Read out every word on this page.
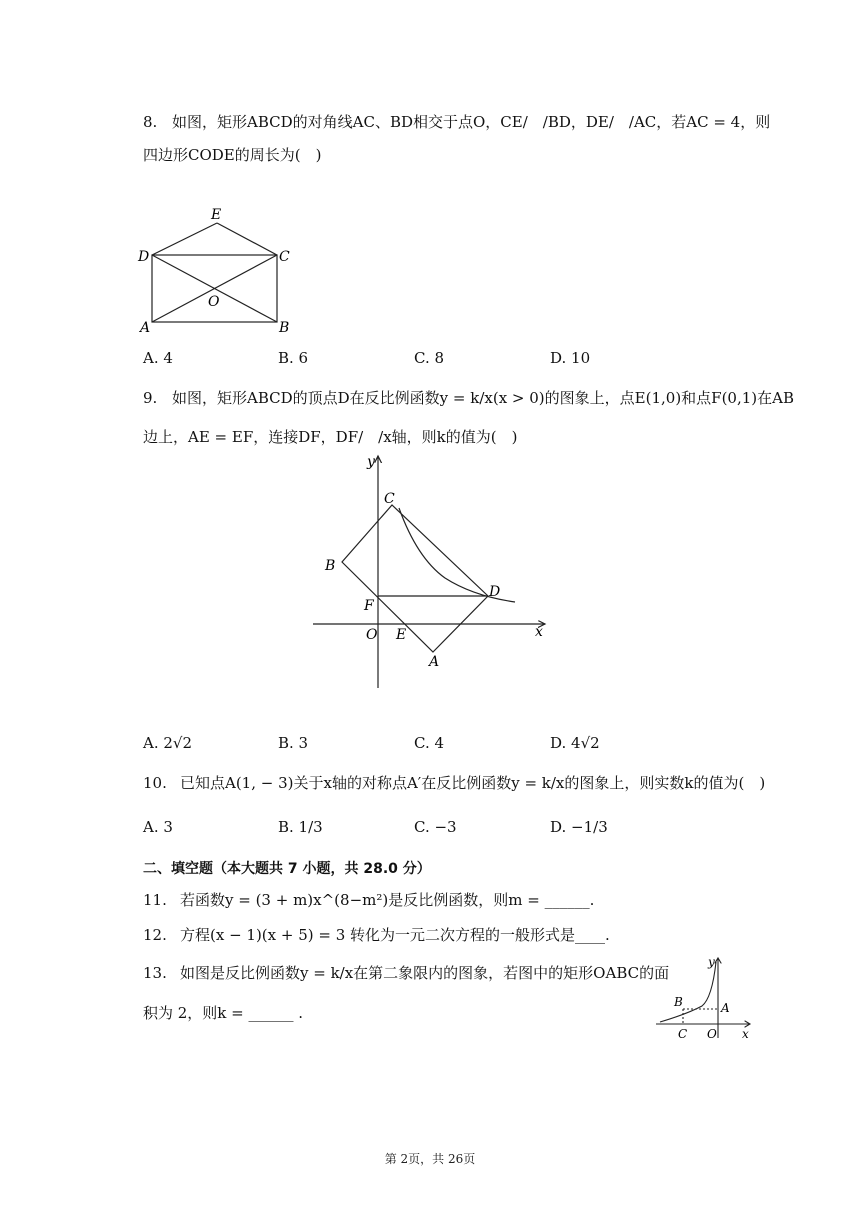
8. 如图，矩形ABCD的对角线AC、BD相交于点O，CE/　/BD，DE/　/AC，若AC = 4，则
四边形CODE的周长为(　)
E
D	C
O
A	B
A. 4	B. 6	C. 8	D. 10
9. 如图，矩形ABCD的顶点D在反比例函数y = k/x(x > 0)的图象上，点E(1,0)和点F(0,1)在AB
边上，AE = EF，连接DF，DF/　/x轴，则k的值为(　)
y
x
C
B
D
F
O E
A
A. 2√2	B. 3	C. 4	D. 4√2
10. 已知点A(1, − 3)关于x轴的对称点A′在反比例函数y = k/x的图象上，则实数k的值为(　)
A. 3	B. 1/3	C. −3	D. −1/3
二、填空题（本大题共 7 小题，共 28.0 分）
11. 若函数y = (3 + m)x^(8−m²)是反比例函数，则m = ______.
12. 方程(x − 1)(x + 5) = 3 转化为一元二次方程的一般形式是____.
13. 如图是反比例函数y = k/x在第二象限内的图象，若图中的矩形OABC的面
积为 2，则k = ______ .
y
x
B	A
C O
第 2页，共 26页
